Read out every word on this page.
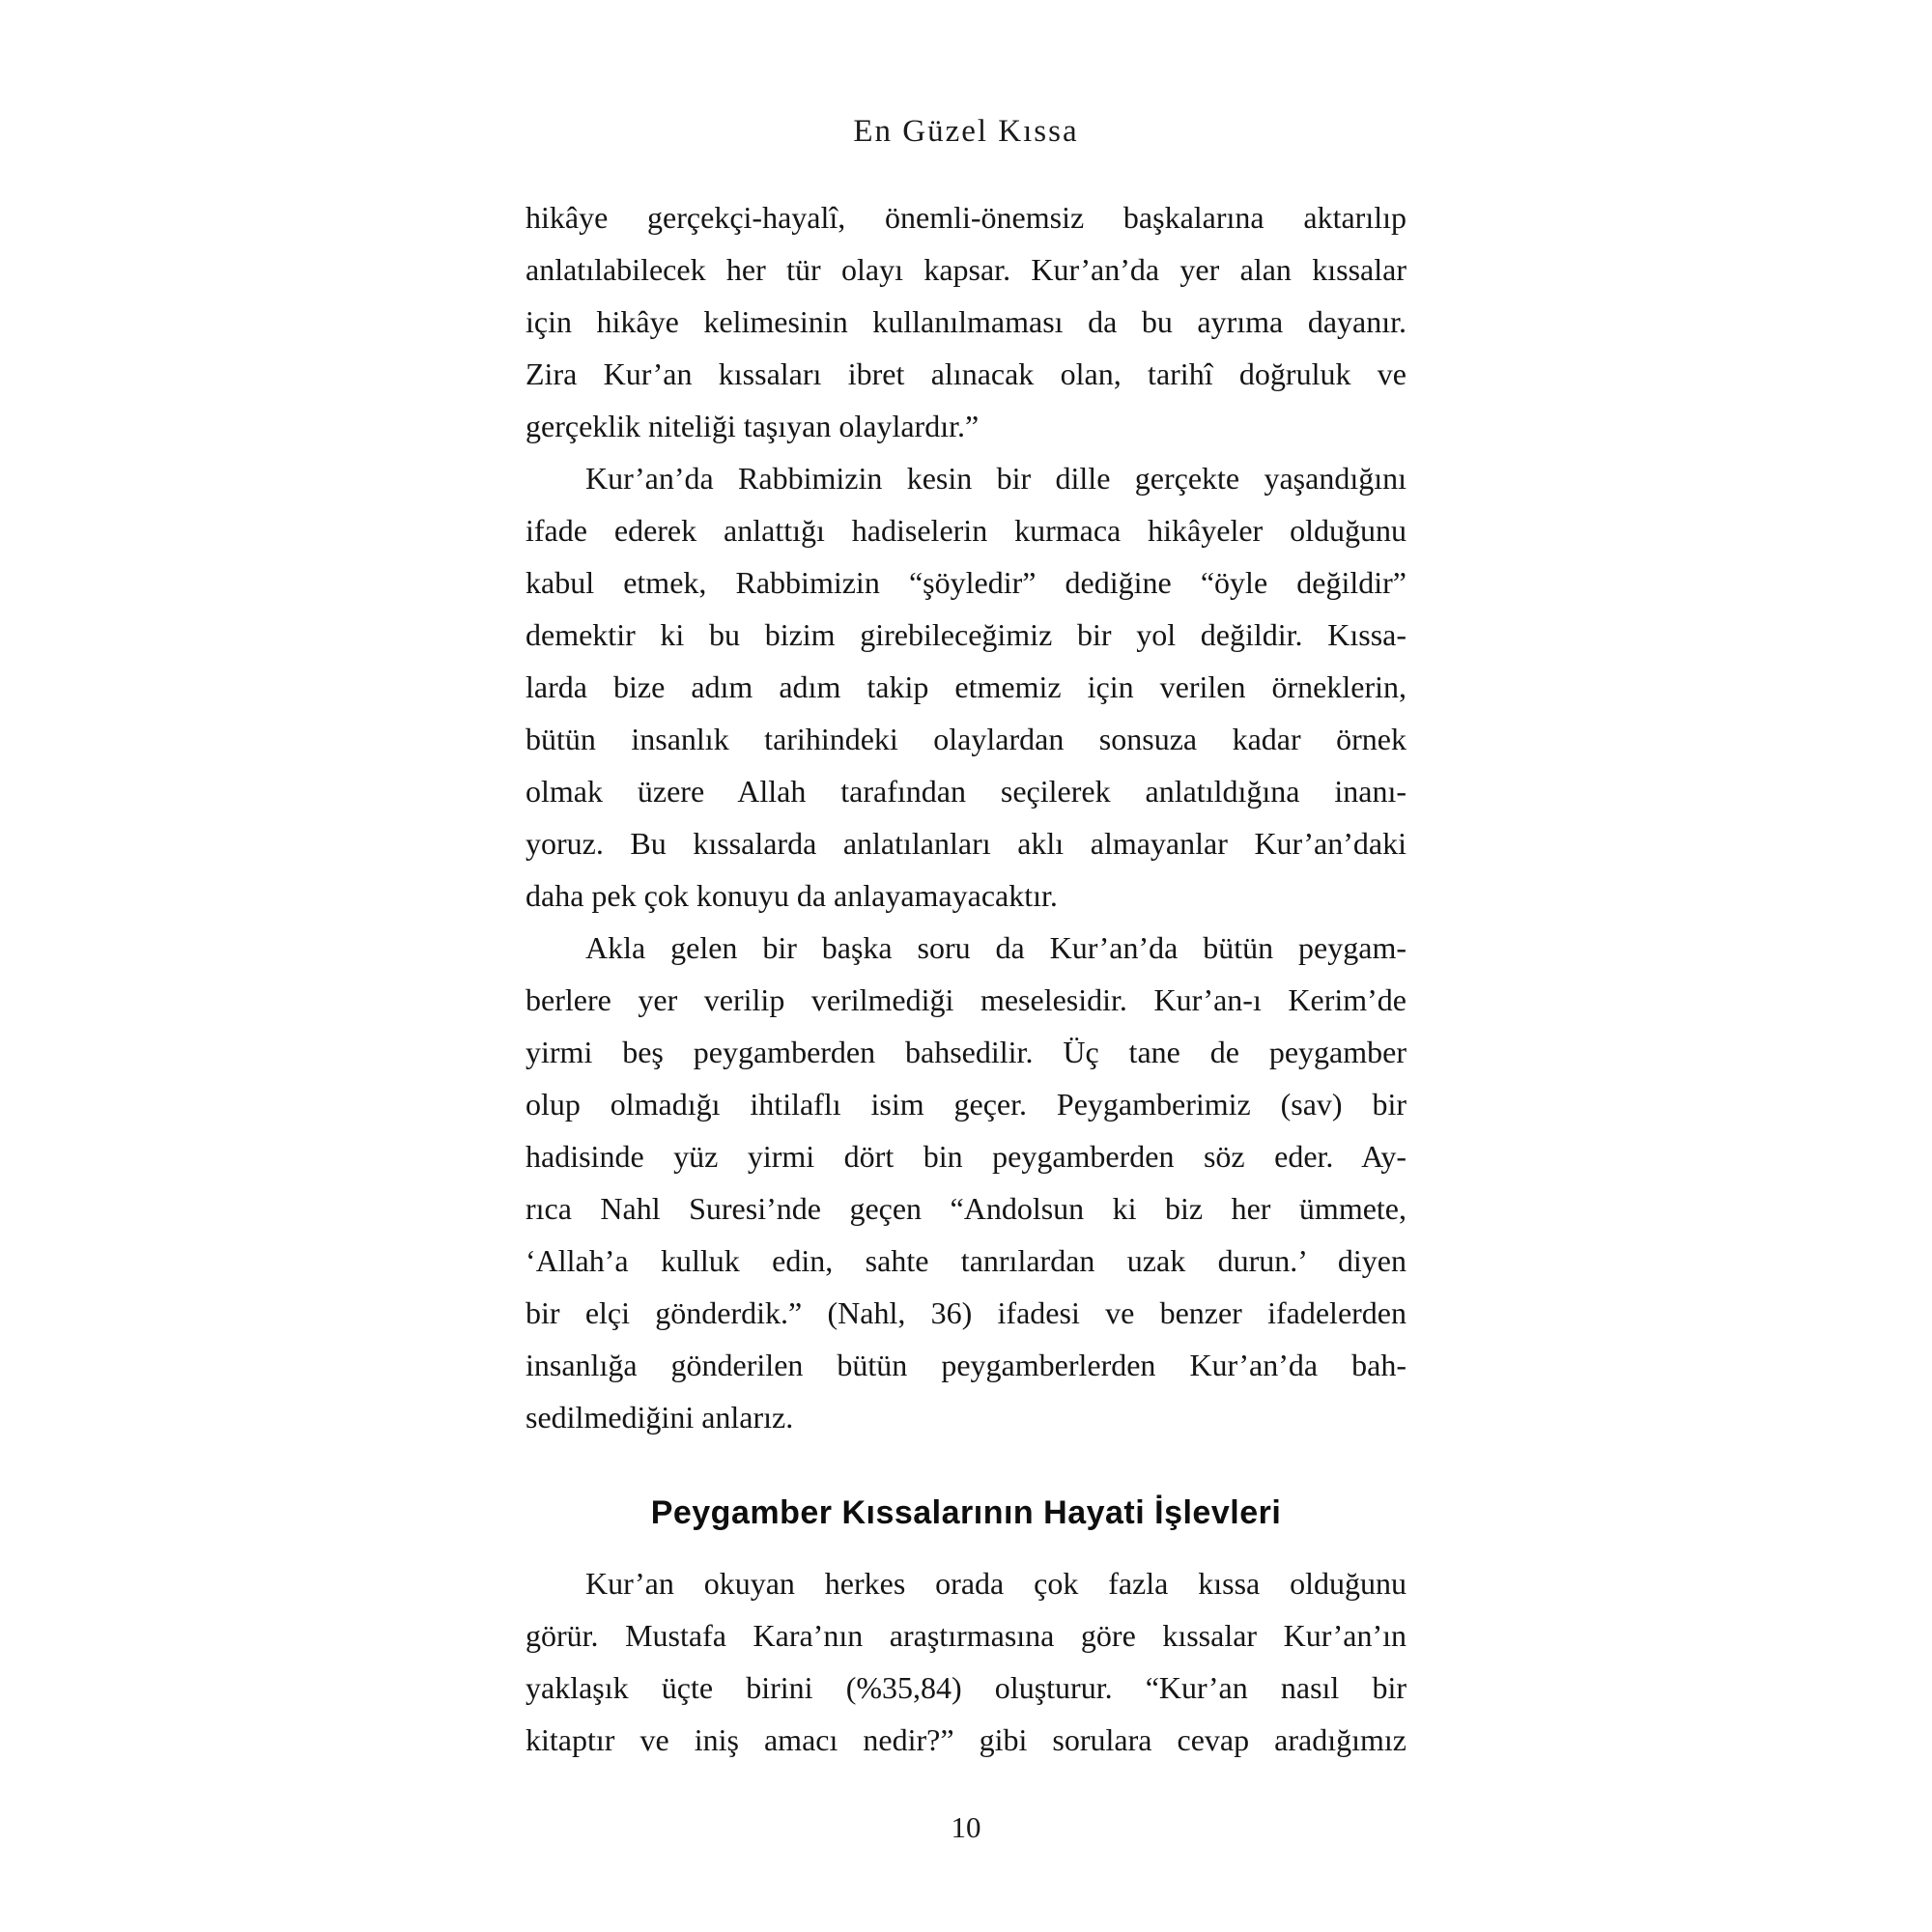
En Güzel Kıssa
hikâye gerçekçi-hayalî, önemli-önemsiz başkalarına aktarılıp
anlatılabilecek her tür olayı kapsar. Kur’an’da yer alan kıssalar
için hikâye kelimesinin kullanılmaması da bu ayrıma dayanır.
Zira Kur’an kıssaları ibret alınacak olan, tarihî doğruluk ve
gerçeklik niteliği taşıyan olaylardır.”
Kur’an’da Rabbimizin kesin bir dille gerçekte yaşandığını
ifade ederek anlattığı hadiselerin kurmaca hikâyeler olduğunu
kabul etmek, Rabbimizin “şöyledir” dediğine “öyle değildir”
demektir ki bu bizim girebileceğimiz bir yol değildir. Kıssa-
larda bize adım adım takip etmemiz için verilen örneklerin,
bütün insanlık tarihindeki olaylardan sonsuza kadar örnek
olmak üzere Allah tarafından seçilerek anlatıldığına inanı-
yoruz. Bu kıssalarda anlatılanları aklı almayanlar Kur’an’daki
daha pek çok konuyu da anlayamayacaktır.
Akla gelen bir başka soru da Kur’an’da bütün peygam-
berlere yer verilip verilmediği meselesidir. Kur’an-ı Kerim’de
yirmi beş peygamberden bahsedilir. Üç tane de peygamber
olup olmadığı ihtilaflı isim geçer. Peygamberimiz (sav) bir
hadisinde yüz yirmi dört bin peygamberden söz eder. Ay-
rıca Nahl Suresi’nde geçen “Andolsun ki biz her ümmete,
‘Allah’a kulluk edin, sahte tanrılardan uzak durun.’ diyen
bir elçi gönderdik.” (Nahl, 36) ifadesi ve benzer ifadelerden
insanlığa gönderilen bütün peygamberlerden Kur’an’da bah-
sedilmediğini anlarız.
Peygamber Kıssalarının Hayati İşlevleri
Kur’an okuyan herkes orada çok fazla kıssa olduğunu
görür. Mustafa Kara’nın araştırmasına göre kıssalar Kur’an’ın
yaklaşık üçte birini (%35,84) oluşturur. “Kur’an nasıl bir
kitaptır ve iniş amacı nedir?” gibi sorulara cevap aradığımız
10
